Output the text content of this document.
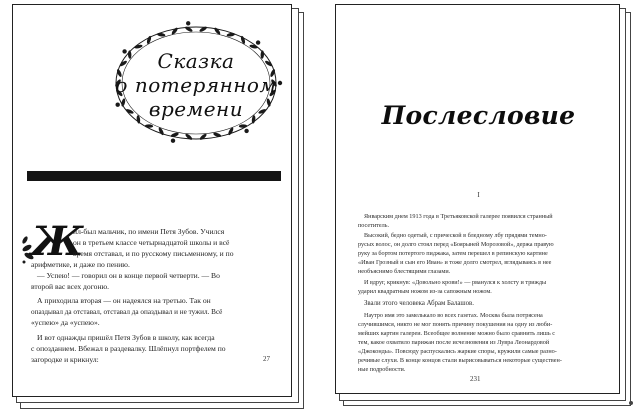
Сказка
о потерянном
времени
Ж
ил-был мальчик, по имени Петя Зубов. Учился
он в третьем классе четырнадцатой школы и всё
время отставал, и по русскому письменному, и по
арифметике, и даже по пению.
— Успею! — говорил он в конце первой четверти. — Во
второй вас всех догоню.
А приходила вторая — он надеялся на третью. Так он
опаздывал да отставал, отставал да опаздывал и не тужил. Всё
«успею» да «успею».
И вот однажды пришёл Петя Зубов в школу, как всегда
с опозданием. Вбежал в раздевалку. Шлёпнул портфелем по
загородке и крикнул:	27
Послесловие
I
Январским днем 1913 года в Третьяковской галерее появился странный
посетитель.
Высокий, бедно одетый, с прической в бледному лбу прядями темно-
русых волос, он долго стоял перед «Боярыней Морозовой», держа правую
руку за бортом потертого пиджака, затем перешел в репинскую картине
«Иван Грозный и сын его Иван» и тоже долго смотрел, вглядываясь в нее
необъяснимо блестящими глазами.
И вдруг, крикнув: «Довольно крови!» — рванулся к холсту и трижды
ударил квадратным ножом из-за сапожным ножом.
Звали этого человека Абрам Балашов.
Наутро имя это замелькало во всех газетах. Москва была потрясена
случившимся, никто не мог понять причину покушения на одну из люби-
мейших картин галереи. Всеобщее волнение можно было сравнить лишь с
тем, какое охватило парижан после исчезновения из Лувра Леонардовой
«Джоконды». Повсюду распускались жаркие споры, кружили самые разно-
речивые слухи. В конце концов стали вырисовываться некоторые существен-
ные подробности.
231
